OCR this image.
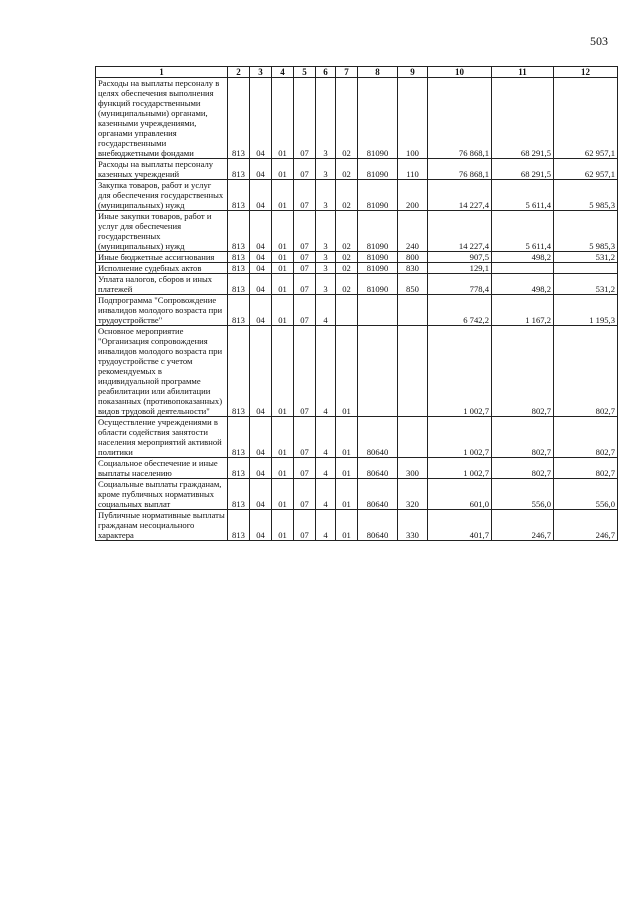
503
1	2	3	4	5	6	7	8	9	10	11	12
Расходы на выплаты персоналу в целях обеспечения выполнения функций государственными (муниципальными) органами, казенными учреждениями, органами управления государственными внебюджетными фондами	813	04	01	07	3	02	81090	100	76 868,1	68 291,5	62 957,1
Расходы на выплаты персоналу казенных учреждений	813	04	01	07	3	02	81090	110	76 868,1	68 291,5	62 957,1
Закупка товаров, работ и услуг для обеспечения государственных (муниципальных) нужд	813	04	01	07	3	02	81090	200	14 227,4	5 611,4	5 985,3
Иные закупки товаров, работ и услуг для обеспечения государственных (муниципальных) нужд	813	04	01	07	3	02	81090	240	14 227,4	5 611,4	5 985,3
Иные бюджетные ассигнования	813	04	01	07	3	02	81090	800	907,5	498,2	531,2
Исполнение судебных актов	813	04	01	07	3	02	81090	830	129,1		
Уплата налогов, сборов и иных платежей	813	04	01	07	3	02	81090	850	778,4	498,2	531,2
Подпрограмма "Сопровождение инвалидов молодого возраста при трудоустройстве"	813	04	01	07	4				6 742,2	1 167,2	1 195,3
Основное мероприятие "Организация сопровождения инвалидов молодого возраста при трудоустройстве с учетом рекомендуемых в индивидуальной программе реабилитации или абилитации показанных (противопоказанных) видов трудовой деятельности"	813	04	01	07	4	01			1 002,7	802,7	802,7
Осуществление учреждениями в области содействия занятости населения мероприятий активной политики	813	04	01	07	4	01	80640		1 002,7	802,7	802,7
Социальное обеспечение и иные выплаты населению	813	04	01	07	4	01	80640	300	1 002,7	802,7	802,7
Социальные выплаты гражданам, кроме публичных нормативных социальных выплат	813	04	01	07	4	01	80640	320	601,0	556,0	556,0
Публичные нормативные выплаты гражданам несоциального характера	813	04	01	07	4	01	80640	330	401,7	246,7	246,7
